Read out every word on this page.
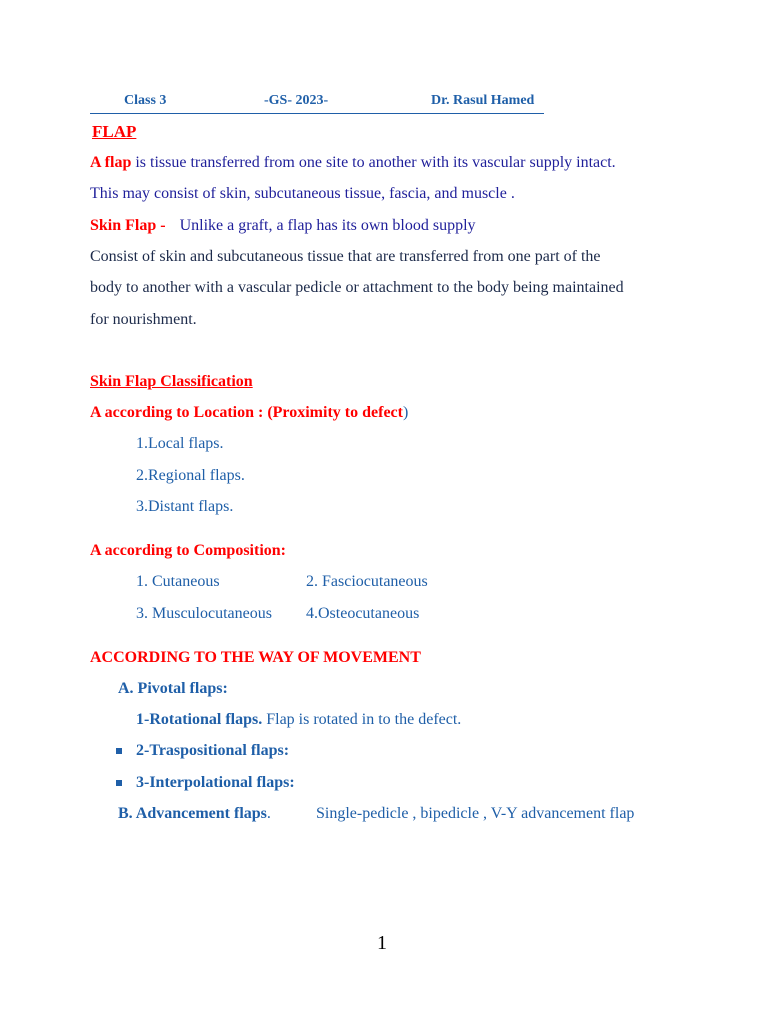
Class 3	-GS- 2023-	Dr. Rasul Hamed
FLAP
A flap is tissue transferred from one site to another with its vascular supply intact.
This may consist of skin, subcutaneous tissue, fascia, and muscle .
Skin Flap - Unlike a graft, a flap has its own blood supply
Consist of skin and subcutaneous tissue that are transferred from one part of the
body to another with a vascular pedicle or attachment to the body being maintained
for nourishment.
Skin Flap Classification
A according to Location : (Proximity to defect)
1.Local flaps.
2.Regional flaps.
3.Distant flaps.
A according to Composition:
1. Cutaneous	2. Fasciocutaneous
3. Musculocutaneous 4.Osteocutaneous
ACCORDING TO THE WAY OF MOVEMENT
A. Pivotal flaps:
1-Rotational flaps. Flap is rotated in to the defect.
2-Traspositional flaps:
3-Interpolational flaps:
B. Advancement flaps.	Single-pedicle , bipedicle , V-Y advancement flap
1
